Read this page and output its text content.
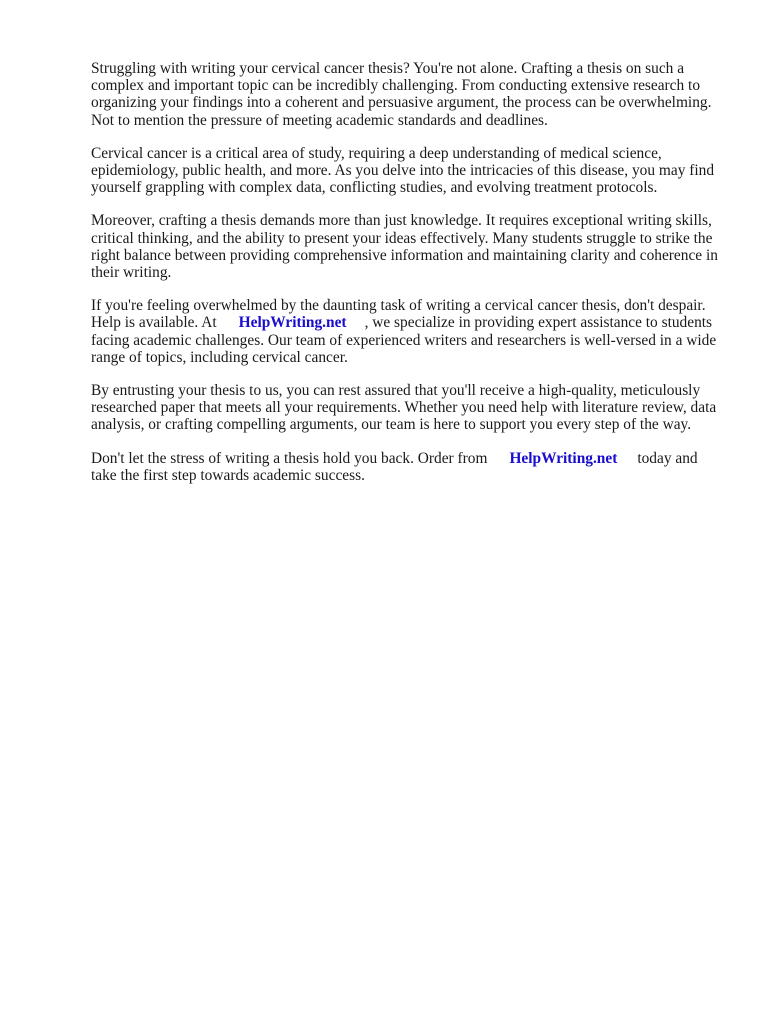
Struggling with writing your cervical cancer thesis? You're not alone. Crafting a thesis on such a
complex and important topic can be incredibly challenging. From conducting extensive research to
organizing your findings into a coherent and persuasive argument, the process can be overwhelming.
Not to mention the pressure of meeting academic standards and deadlines.

Cervical cancer is a critical area of study, requiring a deep understanding of medical science,
epidemiology, public health, and more. As you delve into the intricacies of this disease, you may find
yourself grappling with complex data, conflicting studies, and evolving treatment protocols.

Moreover, crafting a thesis demands more than just knowledge. It requires exceptional writing skills,
critical thinking, and the ability to present your ideas effectively. Many students struggle to strike the
right balance between providing comprehensive information and maintaining clarity and coherence in
their writing.

If you're feeling overwhelmed by the daunting task of writing a cervical cancer thesis, don't despair.
Help is available. At HelpWriting.net , we specialize in providing expert assistance to students
facing academic challenges. Our team of experienced writers and researchers is well-versed in a wide
range of topics, including cervical cancer.

By entrusting your thesis to us, you can rest assured that you'll receive a high-quality, meticulously
researched paper that meets all your requirements. Whether you need help with literature review, data
analysis, or crafting compelling arguments, our team is here to support you every step of the way.

Don't let the stress of writing a thesis hold you back. Order from HelpWriting.net today and
take the first step towards academic success.
